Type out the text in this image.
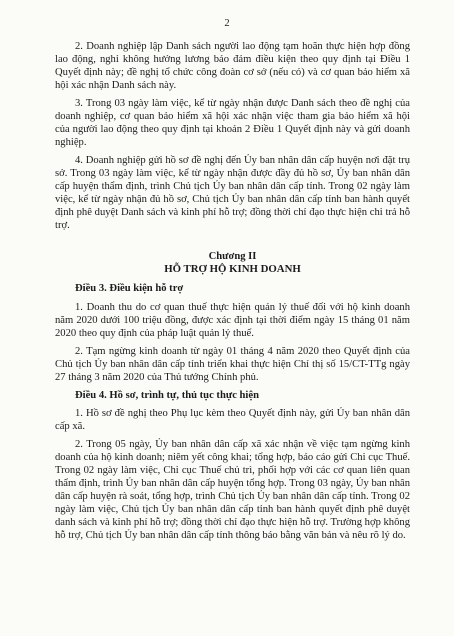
2

2. Doanh nghiệp lập Danh sách người lao động tạm hoãn thực hiện hợp đồng lao động, nghỉ không hưởng lương bảo đảm điều kiện theo quy định tại Điều 1 Quyết định này; đề nghị tổ chức công đoàn cơ sở (nếu có) và cơ quan bảo hiểm xã hội xác nhận Danh sách này.

3. Trong 03 ngày làm việc, kể từ ngày nhận được Danh sách theo đề nghị của doanh nghiệp, cơ quan bảo hiểm xã hội xác nhận việc tham gia bảo hiểm xã hội của người lao động theo quy định tại khoản 2 Điều 1 Quyết định này và gửi doanh nghiệp.

4. Doanh nghiệp gửi hồ sơ đề nghị đến Ủy ban nhân dân cấp huyện nơi đặt trụ sở. Trong 03 ngày làm việc, kể từ ngày nhận được đầy đủ hồ sơ, Ủy ban nhân dân cấp huyện thẩm định, trình Chủ tịch Ủy ban nhân dân cấp tỉnh. Trong 02 ngày làm việc, kể từ ngày nhận đủ hồ sơ, Chủ tịch Ủy ban nhân dân cấp tỉnh ban hành quyết định phê duyệt Danh sách và kinh phí hỗ trợ; đồng thời chỉ đạo thực hiện chi trả hỗ trợ.

Chương II
HỖ TRỢ HỘ KINH DOANH

Điều 3. Điều kiện hỗ trợ

1. Doanh thu do cơ quan thuế thực hiện quản lý thuế đối với hộ kinh doanh năm 2020 dưới 100 triệu đồng, được xác định tại thời điểm ngày 15 tháng 01 năm 2020 theo quy định của pháp luật quản lý thuế.

2. Tạm ngừng kinh doanh từ ngày 01 tháng 4 năm 2020 theo Quyết định của Chủ tịch Ủy ban nhân dân cấp tỉnh triển khai thực hiện Chỉ thị số 15/CT-TTg ngày 27 tháng 3 năm 2020 của Thủ tướng Chính phủ.

Điều 4. Hồ sơ, trình tự, thủ tục thực hiện

1. Hồ sơ đề nghị theo Phụ lục kèm theo Quyết định này, gửi Ủy ban nhân dân cấp xã.

2. Trong 05 ngày, Ủy ban nhân dân cấp xã xác nhận về việc tạm ngừng kinh doanh của hộ kinh doanh; niêm yết công khai; tổng hợp, báo cáo gửi Chi cục Thuế. Trong 02 ngày làm việc, Chi cục Thuế chủ trì, phối hợp với các cơ quan liên quan thẩm định, trình Ủy ban nhân dân cấp huyện tổng hợp. Trong 03 ngày, Ủy ban nhân dân cấp huyện rà soát, tổng hợp, trình Chủ tịch Ủy ban nhân dân cấp tỉnh. Trong 02 ngày làm việc, Chủ tịch Ủy ban nhân dân cấp tỉnh ban hành quyết định phê duyệt danh sách và kinh phí hỗ trợ; đồng thời chỉ đạo thực hiện hỗ trợ. Trường hợp không hỗ trợ, Chủ tịch Ủy ban nhân dân cấp tỉnh thông báo bằng văn bản và nêu rõ lý do.
